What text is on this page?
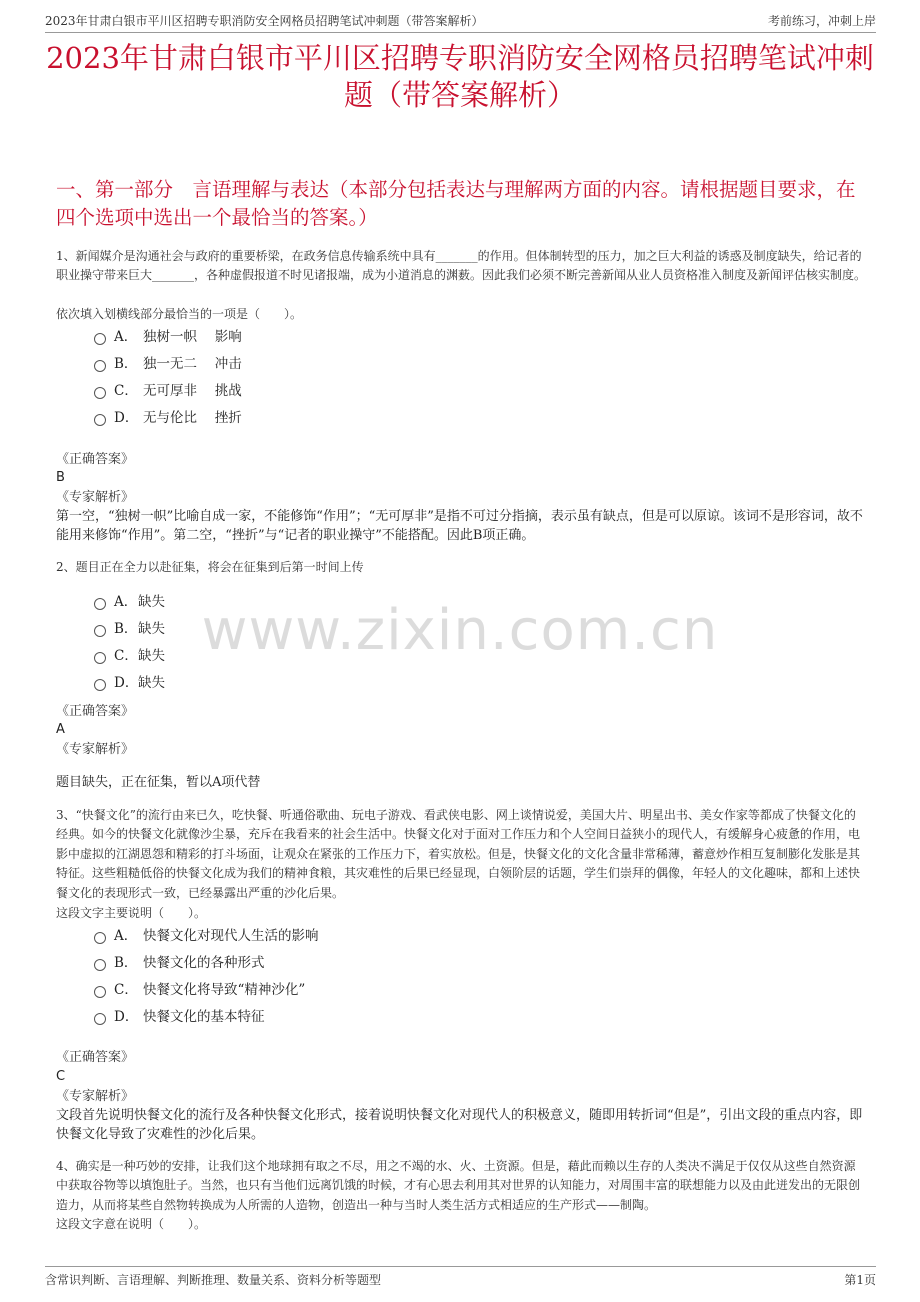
2023年甘肃白银市平川区招聘专职消防安全网格员招聘笔试冲刺题（带答案解析）	考前练习，冲刺上岸
2023年甘肃白银市平川区招聘专职消防安全网格员招聘笔试冲刺题（带答案解析）
一、第一部分　言语理解与表达（本部分包括表达与理解两方面的内容。请根据题目要求，在四个选项中选出一个最恰当的答案。）
www.zixin.com.cn

1、新闻媒介是沟通社会与政府的重要桥梁，在政务信息传输系统中具有_______的作用。但体制转型的压力，加之巨大利益的诱惑及制度缺失，给记者的职业操守带来巨大_______，各种虚假报道不时见诸报端，成为小道消息的渊薮。因此我们必须不断完善新闻从业人员资格准入制度及新闻评估核实制度。

依次填入划横线部分最恰当的一项是（　　）。

A． 独树一帜　 影响
B． 独一无二　 冲击
C． 无可厚非　 挑战
D． 无与伦比　 挫折
《正确答案》
B
《专家解析》

第一空，“独树一帜”比喻自成一家，不能修饰“作用”；“无可厚非”是指不可过分指摘，表示虽有缺点，但是可以原谅。该词不是形容词，故不能用来修饰“作用”。第二空，“挫折”与“记者的职业操守”不能搭配。因此B项正确。

2、题目正在全力以赴征集，将会在征集到后第一时间上传

A． 缺失
B． 缺失
C． 缺失
D． 缺失
《正确答案》
A
《专家解析》

题目缺失，正在征集，暂以A项代替

3、“快餐文化”的流行由来已久，吃快餐、听通俗歌曲、玩电子游戏、看武侠电影、网上谈情说爱，美国大片、明星出书、美女作家等都成了快餐文化的经典。如今的快餐文化就像沙尘暴，充斥在我看来的社会生活中。快餐文化对于面对工作压力和个人空间日益狭小的现代人，有缓解身心疲惫的作用，电影中虚拟的江湖恩怨和精彩的打斗场面，让观众在紧张的工作压力下，着实放松。但是，快餐文化的文化含量非常稀薄，蓄意炒作相互复制膨化发胀是其特征。这些粗糙低俗的快餐文化成为我们的精神食粮，其灾难性的后果已经显现，白领阶层的话题，学生们崇拜的偶像，年轻人的文化趣味，都和上述快餐文化的表现形式一致，已经暴露出严重的沙化后果。

这段文字主要说明（　　）。

A． 快餐文化对现代人生活的影响
B． 快餐文化的各种形式
C． 快餐文化将导致“精神沙化”
D． 快餐文化的基本特征
《正确答案》
C
《专家解析》

文段首先说明快餐文化的流行及各种快餐文化形式，接着说明快餐文化对现代人的积极意义，随即用转折词“但是”，引出文段的重点内容，即快餐文化导致了灾难性的沙化后果。

4、确实是一种巧妙的安排，让我们这个地球拥有取之不尽，用之不竭的水、火、土资源。但是，藉此而赖以生存的人类决不满足于仅仅从这些自然资源中获取谷物等以填饱肚子。当然，也只有当他们远离饥饿的时候，才有心思去利用其对世界的认知能力，对周围丰富的联想能力以及由此迸发出的无限创造力，从而将某些自然物转换成为人所需的人造物，创造出一种与当时人类生活方式相适应的生产形式——制陶。

这段文字意在说明（　　）。

含常识判断、言语理解、判断推理、数量关系、资料分析等题型	第1页
